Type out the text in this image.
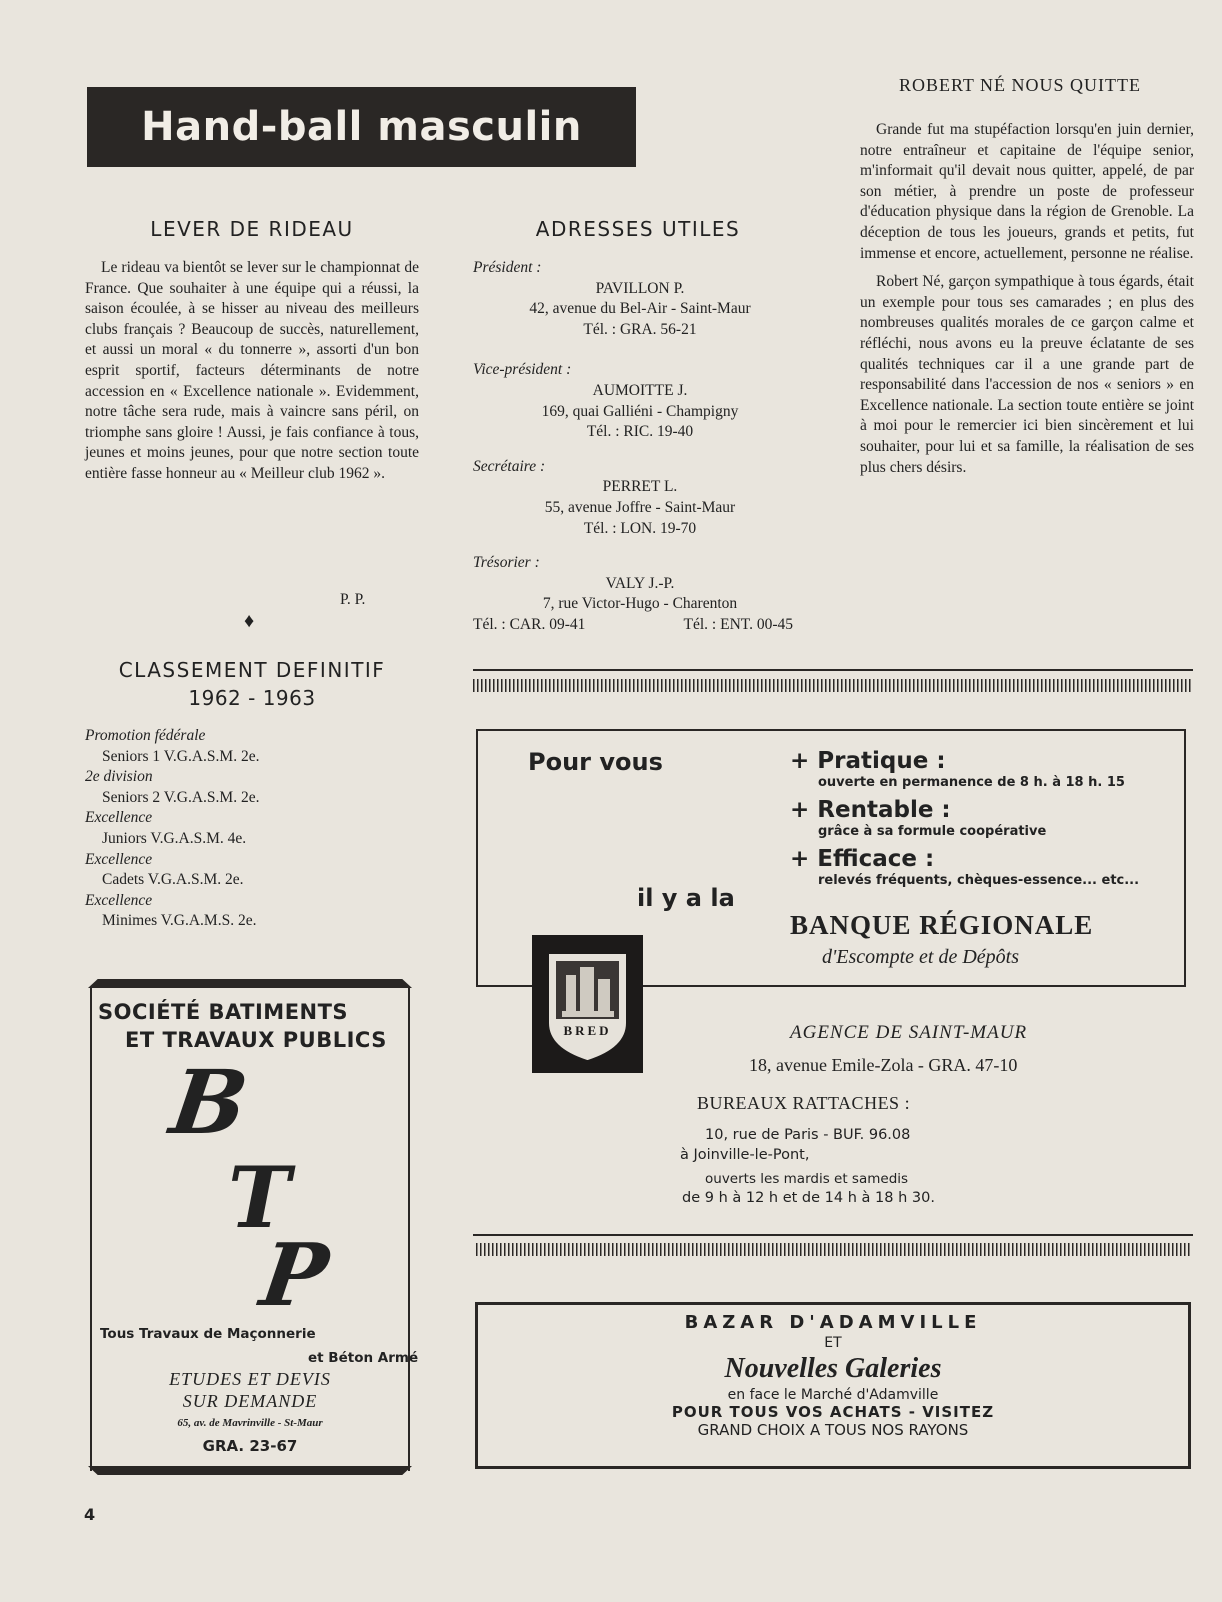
Hand-ball masculin
LEVER DE RIDEAU

Le rideau va bientôt se lever sur le championnat de France. Que souhaiter à une équipe qui a réussi, la saison écoulée, à se hisser au niveau des meilleurs clubs français ? Beaucoup de succès, naturellement, et aussi un moral « du tonnerre », assorti d'un bon esprit sportif, facteurs déterminants de notre accession en « Excellence nationale ». Evidemment, notre tâche sera rude, mais à vaincre sans péril, on triomphe sans gloire ! Aussi, je fais confiance à tous, jeunes et moins jeunes, pour que notre section toute entière fasse honneur au « Meilleur club 1962 ».

P. P.
♦
CLASSEMENT DEFINITIF
1962 - 1963
Promotion fédérale
Seniors 1 V.G.A.S.M. 2e.
2e division
Seniors 2 V.G.A.S.M. 2e.
Excellence
Juniors V.G.A.S.M. 4e.
Excellence
Cadets V.G.A.S.M. 2e.
Excellence
Minimes V.G.A.M.S. 2e.
ADRESSES UTILES
Président :
PAVILLON P.
42, avenue du Bel-Air - Saint-Maur
Tél. : GRA. 56-21
Vice-président :
AUMOITTE J.
169, quai Galliéni - Champigny
Tél. : RIC. 19-40
Secrétaire :
PERRET L.
55, avenue Joffre - Saint-Maur
Tél. : LON. 19-70
Trésorier :
VALY J.-P.
7, rue Victor-Hugo - Charenton
Tél. : CAR. 09-41	Tél. : ENT. 00-45
ROBERT NÉ NOUS QUITTE

Grande fut ma stupéfaction lorsqu'en juin dernier, notre entraîneur et capitaine de l'équipe senior, m'informait qu'il devait nous quitter, appelé, de par son métier, à prendre un poste de professeur d'éducation physique dans la région de Grenoble. La déception de tous les joueurs, grands et petits, fut immense et encore, actuellement, personne ne réalise.

Robert Né, garçon sympathique à tous égards, était un exemple pour tous ses camarades ; en plus des nombreuses qualités morales de ce garçon calme et réfléchi, nous avons eu la preuve éclatante de ses qualités techniques car il a une grande part de responsabilité dans l'accession de nos « seniors » en Excellence nationale. La section toute entière se joint à moi pour le remercier ici bien sincèrement et lui souhaiter, pour lui et sa famille, la réalisation de ses plus chers désirs.

Pour vous
il y a la
+ Pratique :
ouverte en permanence de 8 h. à 18 h. 15
+ Rentable :
grâce à sa formule coopérative
+ Efficace :
relevés fréquents, chèques-essence... etc...
BANQUE RÉGIONALE
d'Escompte et de Dépôts
BRED	AGENCE DE SAINT-MAUR
18, avenue Emile-Zola - GRA. 47-10
BUREAUX RATTACHES :
10, rue de Paris - BUF. 96.08
à Joinville-le-Pont,
ouverts les mardis et samedis
de 9 h à 12 h et de 14 h à 18 h 30.
BAZAR D'ADAMVILLE
ET
Nouvelles Galeries
en face le Marché d'Adamville
POUR TOUS VOS ACHATS - VISITEZ
GRAND CHOIX A TOUS NOS RAYONS
SOCIÉTÉ BATIMENTS
ET TRAVAUX PUBLICS
B
T
P
Tous Travaux de Maçonnerie
et Béton Armé
ETUDES ET DEVIS
SUR DEMANDE
65, av. de Mavrinville - St-Maur
GRA. 23-67
4
